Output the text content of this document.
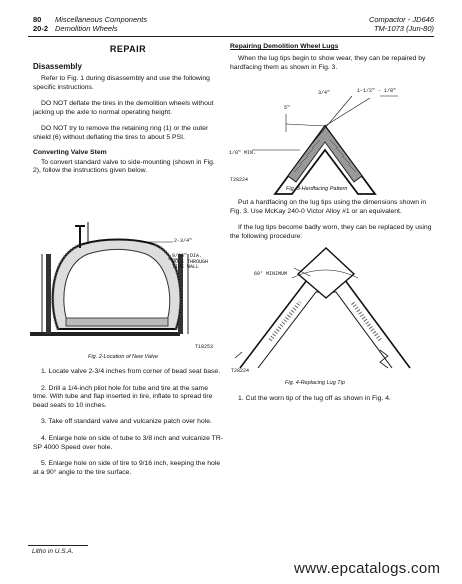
80 Miscellaneous Components
20-2 Demolition Wheels
Compactor - JD646
TM-1073 (Jun-80)
REPAIR
Disassembly

Refer to Fig. 1 during disassembly and use the following specific instructions.

DO NOT deflate the tires in the demolition wheels without jacking up the axle to normal operating height.

DO NOT try to remove the retaining ring (1) or the outer shield (6) without deflating the tires to about 5 PSI.

Converting Valve Stem

To convert standard valve to side-mounting (shown in Fig. 2), follow the instructions given below.

2-3/4"
9/16" DIA.
HOLE THROUGH
TIRE WALL
T18253
Fig. 2-Location of New Valve

1. Locate valve 2-3/4 inches from corner of bead seat base.

2. Drill a 1/4-inch pilot hole for tube and tire at the same time. With tube and flap inserted in tire, inflate to spread tire bead seats to 10 inches.

3. Take off standard valve and vulcanize patch over hole.

4. Enlarge hole on side of tube to 3/8 inch and vulcanize TR-SP 4000 Speed over hole.

5. Enlarge hole on side of tire to 9/16 inch, keeping the hole at a 90° angle to the tire surface.

Repairing Demolition Wheel Lugs

When the lug tips begin to show wear, they can be repaired by hardfacing them as shown in Fig. 3.

1-1/2" - 1/8"
3/4"
5"
1/8" MIN.
T28224
Fig. 3-Hardfacing Pattern

Put a hardfacing on the lug tips using the dimensions shown in Fig. 3. Use McKay 240-0 Victor Alloy #1 or an equivalent.

If the lug tips become badly worn, they can be replaced by using the following procedure:

60° MINIMUM
T28224
Fig. 4-Replacing Lug Tip

1. Cut the worn tip of the lug off as shown in Fig. 4.

Litho in U.S.A.
www.epcatalogs.com
